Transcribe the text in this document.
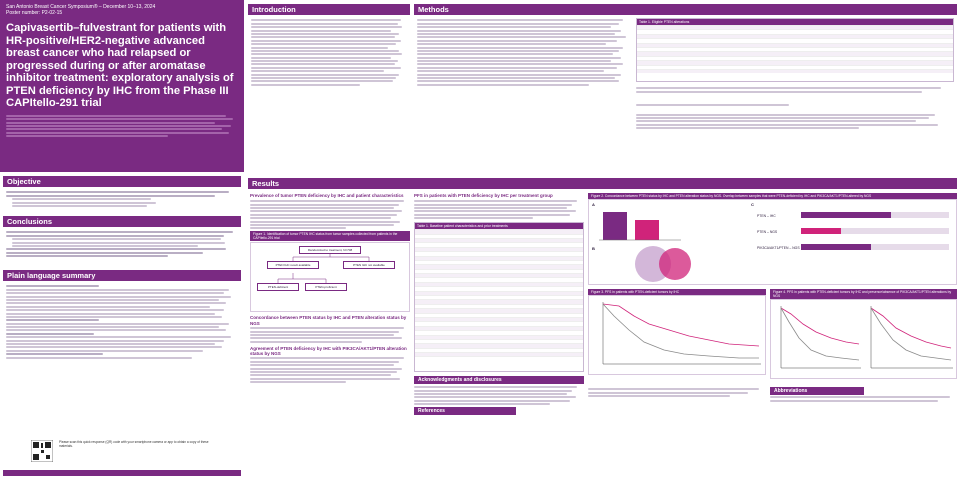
San Antonio Breast Cancer Symposium® – December 10–13, 2024
Poster number: P2-02-15
Capivasertib–fulvestrant for patients with HR-positive/HER2-negative advanced breast cancer who had relapsed or progressed during or after aromatase inhibitor treatment: exploratory analysis of PTEN deficiency by IHC from the Phase III CAPItello-291 trial
Objective
Conclusions
Plain language summary
Please scan this quick response (QR) code with your smartphone camera or app to obtain a copy of these materials.
Introduction	Methods
Table 1. Eligible PTEN alterations
Results
Prevalence of tumor PTEN deficiency by IHC and patient characteristics
Figure 1. Identification of tumor PTEN IHC status from tumor samples collected from patients in the CAPItello-291 trial
Randomized to treatment, N=708
PTEN IHC result available	PTEN IHC not available
PTEN-deficient	PTEN-proficient
Concordance between PTEN status by IHC and PTEN alteration status by NGS
Agreement of PTEN deficiency by IHC with PIK3CA/AKT1/PTEN alteration status by NGS
PFS in patients with PTEN deficiency by IHC per treatment group
Table 1. Baseline patient characteristics and prior treatments
Acknowledgments and disclosures
References
Figure 2. Concordance between PTEN status by IHC and PTEN alteration status by NGS. Overlap between samples that were PTEN-deficient by IHC and PIK3CA/AKT1/PTEN-altered by NGS
A
B
C
PTEN – IHC
PTEN – NGS
PIK3CA/AKT1/PTEN – NGS
Figure 3. PFS in patients with PTEN-deficient tumors by IHC	Figure 4. PFS in patients with PTEN-deficient tumors by IHC and presence/absence of PIK3CA/AKT1/PTEN alterations by NGS
Abbreviations
